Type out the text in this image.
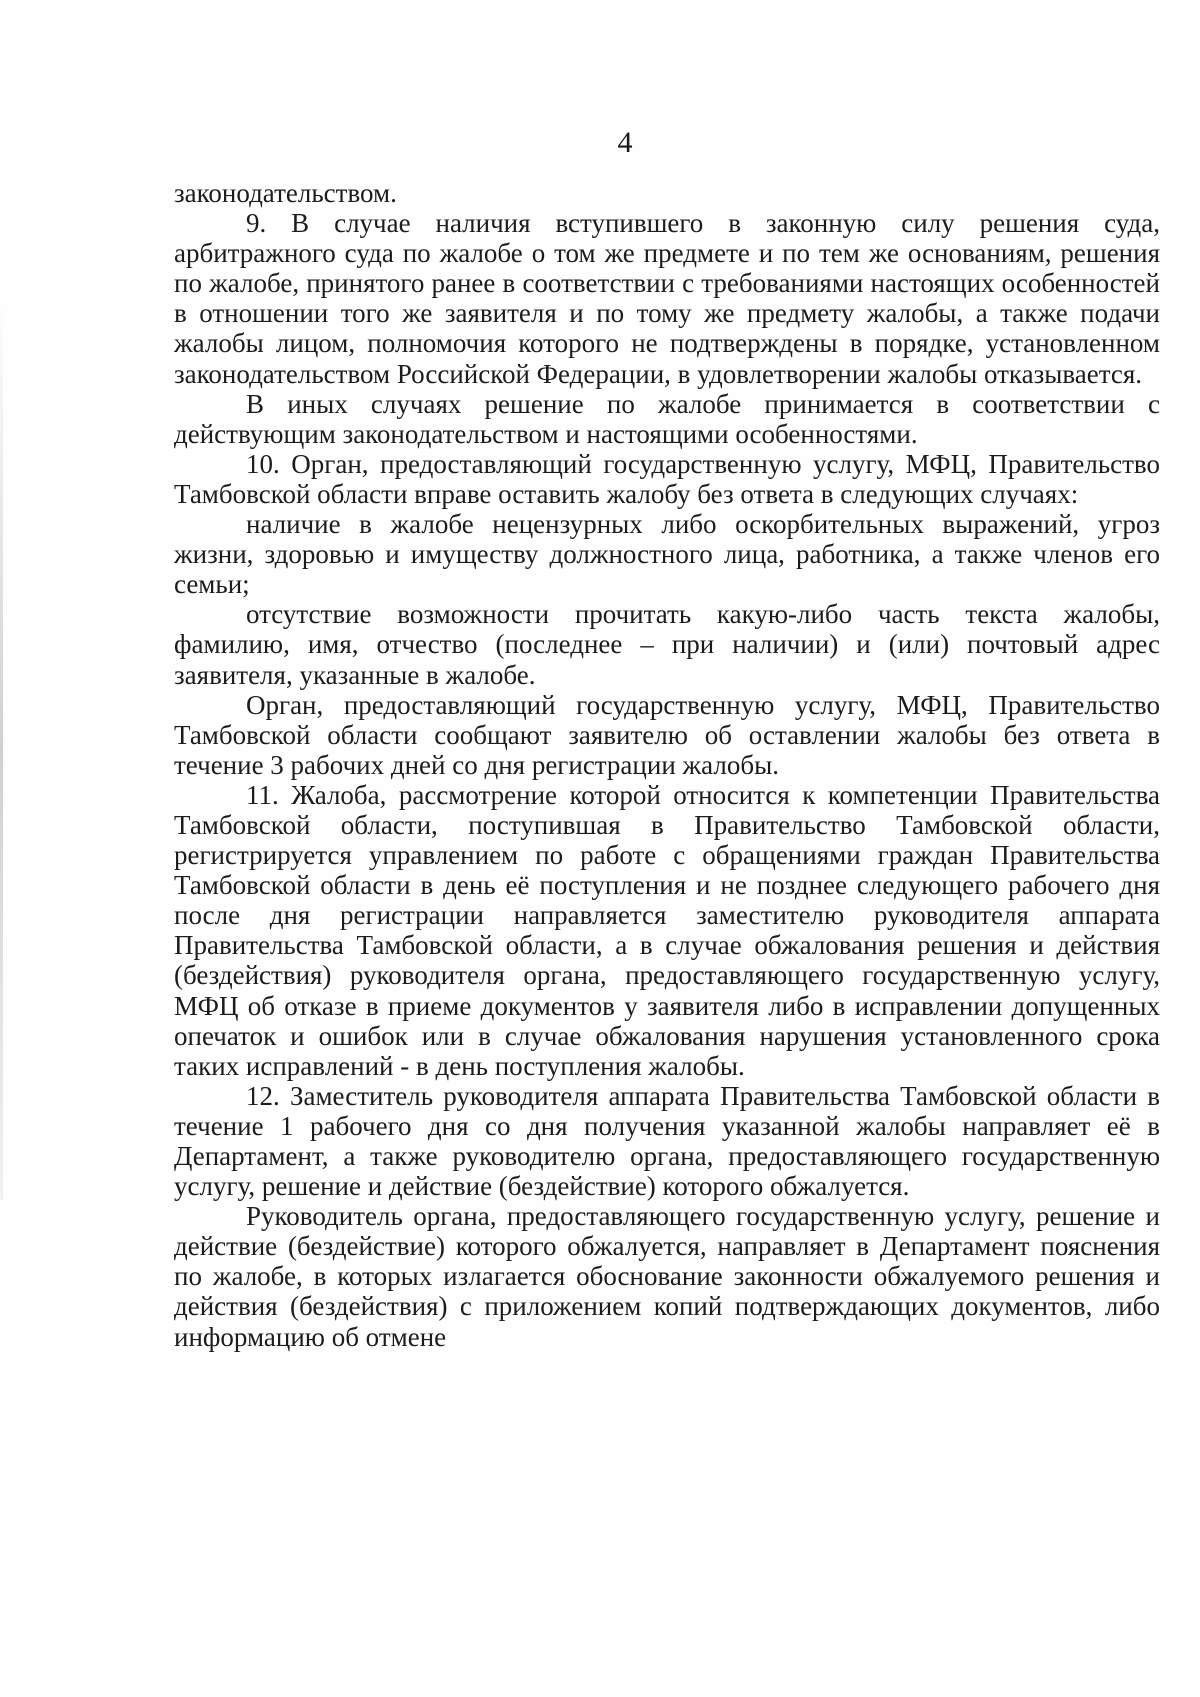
4

законодательством.

9. В случае наличия вступившего в законную силу решения суда, арбитражного суда по жалобе о том же предмете и по тем же основаниям, решения по жалобе, принятого ранее в соответствии с требованиями настоящих особенностей в отношении того же заявителя и по тому же предмету жалобы, а также подачи жалобы лицом, полномочия которого не подтверждены в порядке, установленном законодательством Российской Федерации, в удовлетворении жалобы отказывается.

В иных случаях решение по жалобе принимается в соответствии с действующим законодательством и настоящими особенностями.

10. Орган, предоставляющий государственную услугу, МФЦ, Правительство Тамбовской области вправе оставить жалобу без ответа в следующих случаях:

наличие в жалобе нецензурных либо оскорбительных выражений, угроз жизни, здоровью и имуществу должностного лица, работника, а также членов его семьи;

отсутствие возможности прочитать какую-либо часть текста жалобы, фамилию, имя, отчество (последнее – при наличии) и (или) почтовый адрес заявителя, указанные в жалобе.

Орган, предоставляющий государственную услугу, МФЦ, Правительство Тамбовской области сообщают заявителю об оставлении жалобы без ответа в течение 3 рабочих дней со дня регистрации жалобы.

11. Жалоба, рассмотрение которой относится к компетенции Правительства Тамбовской области, поступившая в Правительство Тамбовской области, регистрируется управлением по работе с обращениями граждан Правительства Тамбовской области в день её поступления и не позднее следующего рабочего дня после дня регистрации направляется заместителю руководителя аппарата Правительства Тамбовской области, а в случае обжалования решения и действия (бездействия) руководителя органа, предоставляющего государственную услугу, МФЦ об отказе в приеме документов у заявителя либо в исправлении допущенных опечаток и ошибок или в случае обжалования нарушения установленного срока таких исправлений - в день поступления жалобы.

12. Заместитель руководителя аппарата Правительства Тамбовской области в течение 1 рабочего дня со дня получения указанной жалобы направляет её в Департамент, а также руководителю органа, предоставляющего государственную услугу, решение и действие (бездействие) которого обжалуется.

Руководитель органа, предоставляющего государственную услугу, решение и действие (бездействие) которого обжалуется, направляет в Департамент пояснения по жалобе, в которых излагается обоснование законности обжалуемого решения и действия (бездействия) с приложением копий подтверждающих документов, либо информацию об отмене
